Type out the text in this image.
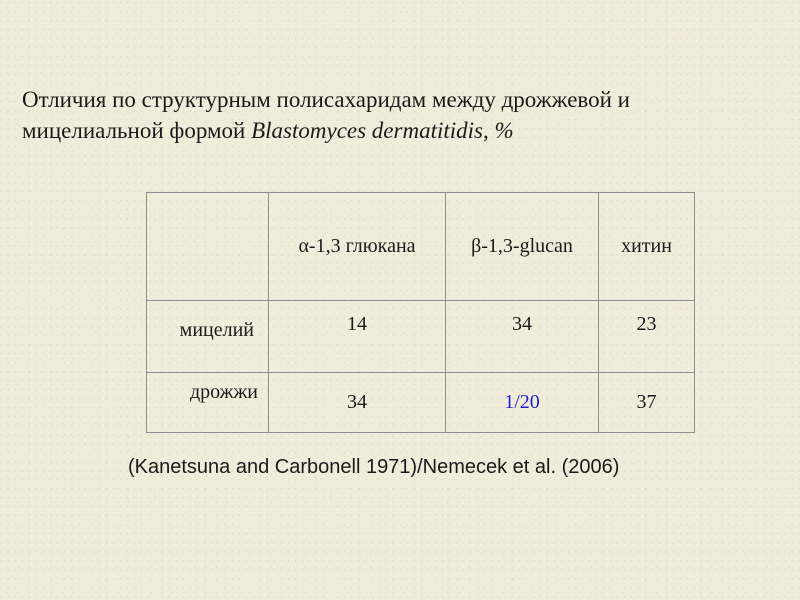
Отличия по структурным полисахаридам между дрожжевой и
мицелиальной формой Blastomyces dermatitidis, %
	α-1,3 глюкана	β-1,3-glucan	хитин

мицелий	14	34	23

дрожжи	34	1/20	37

(Kanetsuna and Carbonell 1971)/Nemecek et al. (2006)
